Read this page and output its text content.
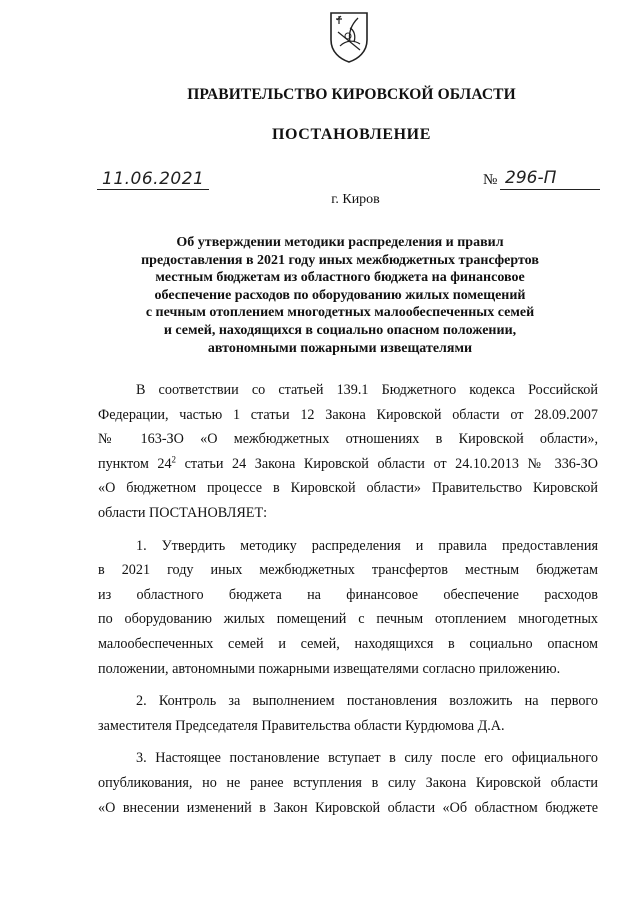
ПРАВИТЕЛЬСТВО КИРОВСКОЙ ОБЛАСТИ
ПОСТАНОВЛЕНИЕ
11.06.2021	№ 296-П
г. Киров
Об утверждении методики распределения и правил
предоставления в 2021 году иных межбюджетных трансфертов
местным бюджетам из областного бюджета на финансовое
обеспечение расходов по оборудованию жилых помещений
с печным отоплением многодетных малообеспеченных семей
и семей, находящихся в социально опасном положении,
автономными пожарными извещателями
В соответствии со статьей 139.1 Бюджетного кодекса Российской
Федерации, частью 1 статьи 12 Закона Кировской области от 28.09.2007
№ 163-ЗО «О межбюджетных отношениях в Кировской области»,
пунктом $24^2$ статьи 24 Закона Кировской области от 24.10.2013 № 336-ЗО
«О бюджетном процессе в Кировской области» Правительство Кировской
области ПОСТАНОВЛЯЕТ:
1. Утвердить методику распределения и правила предоставления
в 2021 году иных межбюджетных трансфертов местным бюджетам
из областного бюджета на финансовое обеспечение расходов
по оборудованию жилых помещений с печным отоплением многодетных
малообеспеченных семей и семей, находящихся в социально опасном
положении, автономными пожарными извещателями согласно приложению.
2. Контроль за выполнением постановления возложить на первого
заместителя Председателя Правительства области Курдюмова Д.А.
3. Настоящее постановление вступает в силу после его официального
опубликования, но не ранее вступления в силу Закона Кировской области
«О внесении изменений в Закон Кировской области «Об областном бюджете
